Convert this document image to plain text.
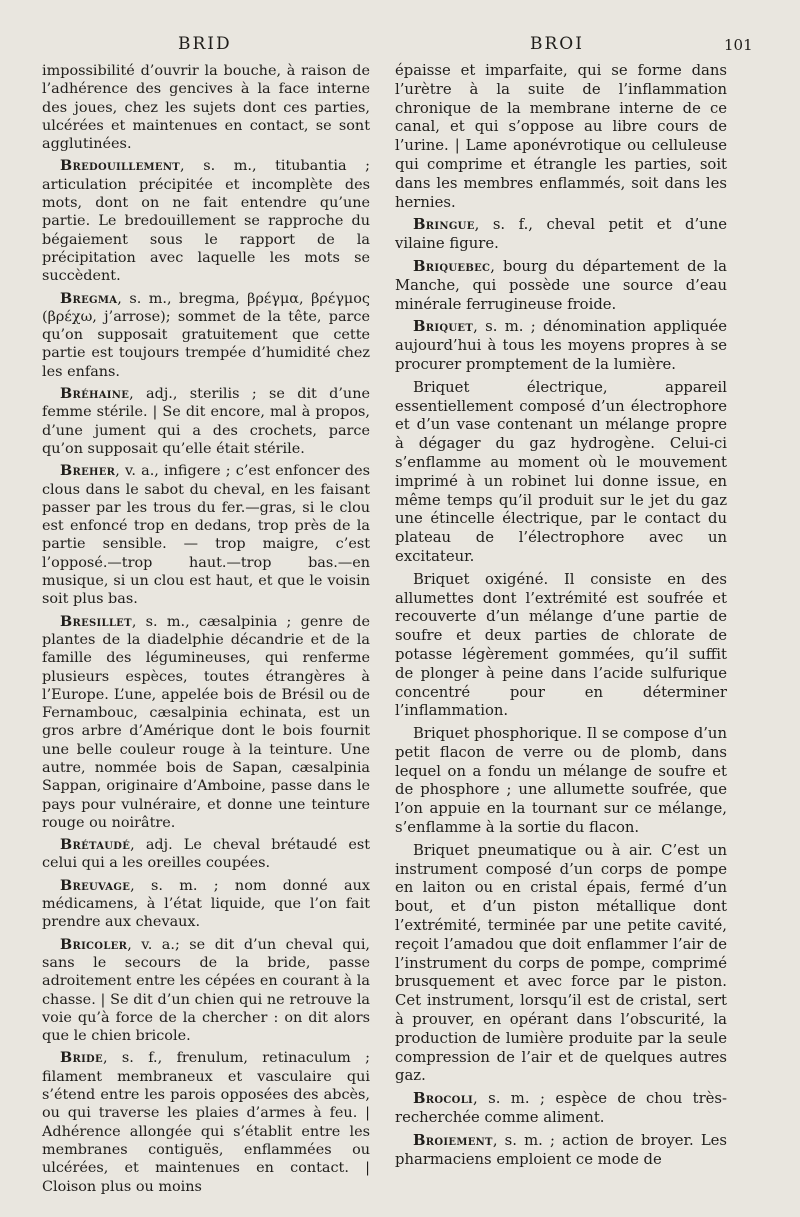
BRID	BROI	101

impossibilité d’ouvrir la bouche, à raison de l’adhérence des gencives à la face interne des joues, chez les sujets dont ces parties, ulcérées et maintenues en contact, se sont agglutinées.

Bredouillement, s. m., titubantia ; articulation précipitée et incomplète des mots, dont on ne fait entendre qu’une partie. Le bredouillement se rapproche du bégaiement sous le rapport de la précipitation avec laquelle les mots se succèdent.

Bregma, s. m., bregma, βρέγμα, βρέγμος (βρέχω, j’arrose); sommet de la tête, parce qu’on supposait gratuitement que cette partie est toujours trempée d’humidité chez les enfans.

Bréhaine, adj., sterilis ; se dit d’une femme stérile. | Se dit encore, mal à propos, d’une jument qui a des crochets, parce qu’on supposait qu’elle était stérile.

Breher, v. a., infigere ; c’est enfoncer des clous dans le sabot du cheval, en les faisant passer par les trous du fer.—gras, si le clou est enfoncé trop en dedans, trop près de la partie sensible. — trop maigre, c’est l’opposé.—trop haut.—trop bas.—en musique, si un clou est haut, et que le voisin soit plus bas.

Bresillet, s. m., cæsalpinia ; genre de plantes de la diadelphie décandrie et de la famille des légumineuses, qui renferme plusieurs espèces, toutes étrangères à l’Europe. L’une, appelée bois de Brésil ou de Fernambouc, cæsalpinia echinata, est un gros arbre d’Amérique dont le bois fournit une belle couleur rouge à la teinture. Une autre, nommée bois de Sapan, cæsalpinia Sappan, originaire d’Amboine, passe dans le pays pour vulnéraire, et donne une teinture rouge ou noirâtre.

Brétaudé, adj. Le cheval brétaudé est celui qui a les oreilles coupées.

Breuvage, s. m. ; nom donné aux médicamens, à l’état liquide, que l’on fait prendre aux chevaux.

Bricoler, v. a.; se dit d’un cheval qui, sans le secours de la bride, passe adroitement entre les cépées en courant à la chasse. | Se dit d’un chien qui ne retrouve la voie qu’à force de la chercher : on dit alors que le chien bricole.

Bride, s. f., frenulum, retinaculum ; filament membraneux et vasculaire qui s’étend entre les parois opposées des abcès, ou qui traverse les plaies d’armes à feu. | Adhérence allongée qui s’établit entre les membranes contiguës, enflammées ou ulcérées, et maintenues en contact. | Cloison plus ou moins

épaisse et imparfaite, qui se forme dans l’urètre à la suite de l’inflammation chronique de la membrane interne de ce canal, et qui s’oppose au libre cours de l’urine. | Lame aponévrotique ou celluleuse qui comprime et étrangle les parties, soit dans les membres enflammés, soit dans les hernies.

Bringue, s. f., cheval petit et d’une vilaine figure.

Briquebec, bourg du département de la Manche, qui possède une source d’eau minérale ferrugineuse froide.

Briquet, s. m. ; dénomination appliquée aujourd’hui à tous les moyens propres à se procurer promptement de la lumière.

Briquet électrique, appareil essentiellement composé d’un électrophore et d’un vase contenant un mélange propre à dégager du gaz hydrogène. Celui-ci s’enflamme au moment où le mouvement imprimé à un robinet lui donne issue, en même temps qu’il produit sur le jet du gaz une étincelle électrique, par le contact du plateau de l’électrophore avec un excitateur.

Briquet oxigéné. Il consiste en des allumettes dont l’extrémité est soufrée et recouverte d’un mélange d’une partie de soufre et deux parties de chlorate de potasse légèrement gommées, qu’il suffit de plonger à peine dans l’acide sulfurique concentré pour en déterminer l’inflammation.

Briquet phosphorique. Il se compose d’un petit flacon de verre ou de plomb, dans lequel on a fondu un mélange de soufre et de phosphore ; une allumette soufrée, que l’on appuie en la tournant sur ce mélange, s’enflamme à la sortie du flacon.

Briquet pneumatique ou à air. C’est un instrument composé d’un corps de pompe en laiton ou en cristal épais, fermé d’un bout, et d’un piston métallique dont l’extrémité, terminée par une petite cavité, reçoit l’amadou que doit enflammer l’air de l’instrument du corps de pompe, comprimé brusquement et avec force par le piston. Cet instrument, lorsqu’il est de cristal, sert à prouver, en opérant dans l’obscurité, la production de lumière produite par la seule compression de l’air et de quelques autres gaz.

Brocoli, s. m. ; espèce de chou très-recherchée comme aliment.

Broiement, s. m. ; action de broyer. Les pharmaciens emploient ce mode de
